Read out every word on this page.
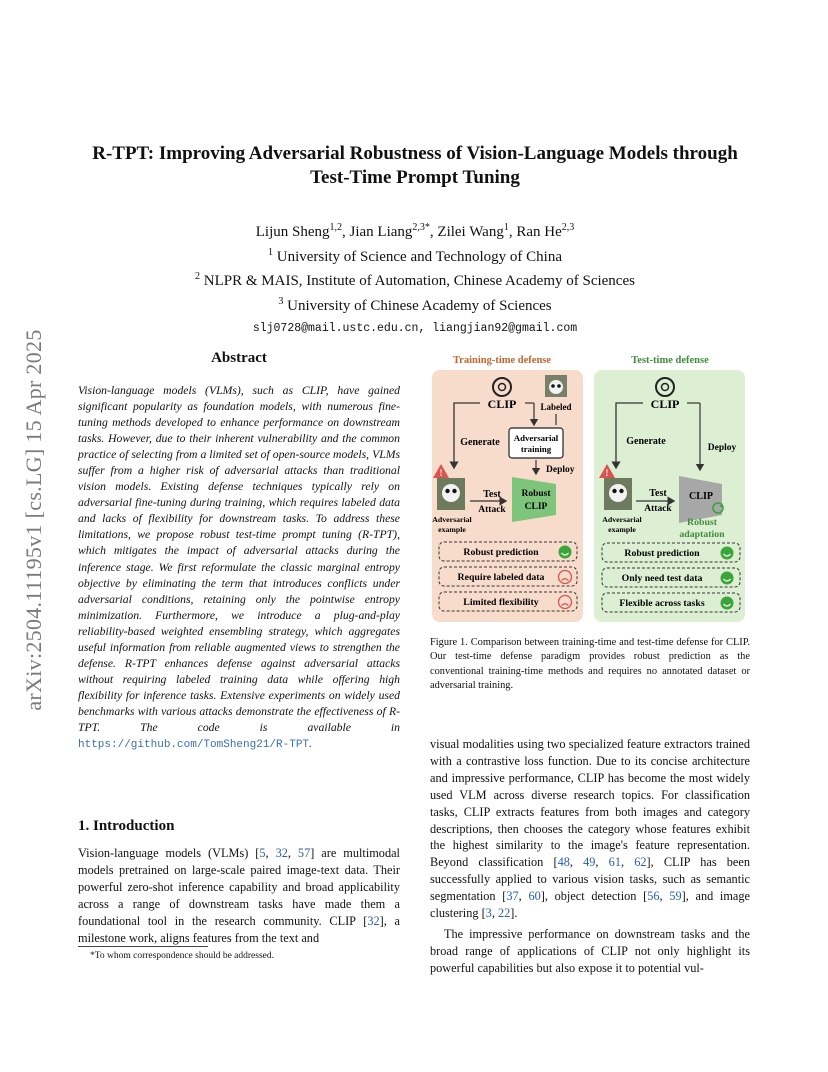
arXiv:2504.11195v1 [cs.LG] 15 Apr 2025
R-TPT: Improving Adversarial Robustness of Vision-Language Models through
Test-Time Prompt Tuning
Lijun Sheng$^{1,2}$, Jian Liang$^{2,3*}$, Zilei Wang$^1$, Ran He$^{2,3}$
$^1$ University of Science and Technology of China
$^2$ NLPR & MAIS, Institute of Automation, Chinese Academy of Sciences
$^3$ University of Chinese Academy of Sciences
slj0728@mail.ustc.edu.cn, liangjian92@gmail.com
Abstract
Vision-language models (VLMs), such as CLIP, have gained significant popularity as foundation models, with numerous fine-tuning methods developed to enhance performance on downstream tasks. However, due to their inherent vulnerability and the common practice of selecting from a limited set of open-source models, VLMs suffer from a higher risk of adversarial attacks than traditional vision models. Existing defense techniques typically rely on adversarial fine-tuning during training, which requires labeled data and lacks of flexibility for downstream tasks. To address these limitations, we propose robust test-time prompt tuning (R-TPT), which mitigates the impact of adversarial attacks during the inference stage. We first reformulate the classic marginal entropy objective by eliminating the term that introduces conflicts under adversarial conditions, retaining only the pointwise entropy minimization. Furthermore, we introduce a plug-and-play reliability-based weighted ensembling strategy, which aggregates useful information from reliable augmented views to strengthen the defense. R-TPT enhances defense against adversarial attacks without requiring labeled training data while offering high flexibility for inference tasks. Extensive experiments on widely used benchmarks with various attacks demonstrate the effectiveness of R-TPT. The code is available in https://github.com/TomSheng21/R-TPT.
1. Introduction
Vision-language models (VLMs) [5, 32, 57] are multimodal models pretrained on large-scale paired image-text data. Their powerful zero-shot inference capability and broad applicability across a range of downstream tasks have made them a foundational tool in the research community. CLIP [32], a milestone work, aligns features from the text and
*To whom correspondence should be addressed.
Training-time defense	Test-time defense
CLIP	Labeled
Generate Adversarial
training
Deploy
!
Adversarial
example
Test
Attack
Robust
CLIP
Robust prediction
Require labeled data
Limited flexibility
CLIP
Generate
Deploy
!
Adversarial
example
Test
Attack
CLIP
Robust
adaptation
Robust prediction
Only need test data
Flexible across tasks
Figure 1. Comparison between training-time and test-time defense for CLIP. Our test-time defense paradigm provides robust prediction as the conventional training-time methods and requires no annotated dataset or adversarial training.

visual modalities using two specialized feature extractors trained with a contrastive loss function. Due to its concise architecture and impressive performance, CLIP has become the most widely used VLM across diverse research topics. For classification tasks, CLIP extracts features from both images and category descriptions, then chooses the category whose features exhibit the highest similarity to the image's feature representation. Beyond classification [48, 49, 61, 62], CLIP has been successfully applied to various vision tasks, such as semantic segmentation [37, 60], object detection [56, 59], and image clustering [3, 22].

The impressive performance on downstream tasks and the broad range of applications of CLIP not only highlight its powerful capabilities but also expose it to potential vul-
